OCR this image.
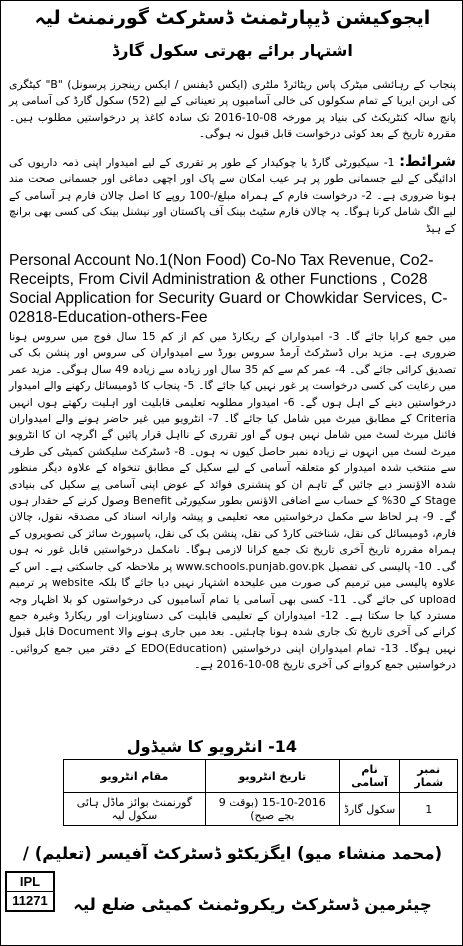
ایجوکیشن ڈیپارٹمنٹ ڈسٹرکٹ گورنمنٹ لیہ
اشتہار برائے بھرتی سکول گارڈ
پنجاب کے رہائشی میٹرک پاس ریٹائرڈ ملٹری (ایکس ڈیفنس / ایکس رینجرز پرسونل) "B" کیٹگری کی اربن ایریا کے تمام سکولوں کی خالی آسامیوں پر تعیناتی کے لیے (52) سکول گارڈ کی آسامی پر پانچ سالہ کنٹریکٹ کی بنیاد پر مورخہ 08-10-2016 تک سادہ کاغذ پر درخواستیں مطلوب ہیں۔ مقررہ تاریخ کے بعد کوئی درخواست قابل قبول نہ ہوگی۔
شرائط: 1- سیکیورٹی گارڈ یا چوکیدار کے طور پر تقرری کے لیے امیدوار اپنی ذمہ داریوں کی ادائیگی کے لیے جسمانی طور پر ہر عیب امکان سے پاک اور اچھی دماغی اور جسمانی صحت مند ہونا ضروری ہے۔ 2- درخواست فارم کے ہمراہ مبلغ/-100 روپے کا اصل چالان فارم ہر آسامی کے لیے الگ شامل کرنا ہوگا۔ یہ چالان فارم سٹیٹ بینک آف پاکستان اور نیشنل بینک کی کسی بھی برانچ کے ہیڈ
Personal Account No.1(Non Food) Co-No Tax Revenue, Co2-Receipts, From Civil Administration & other Functions , Co28 Social Application for Security Guard or Chowkidar Services, C-02818-Education-others-Fee
میں جمع کرایا جائے گا۔ 3- امیدواران کے ریکارڈ میں کم از کم 15 سال فوج میں سروس ہونا ضروری ہے۔ مزید براں ڈسٹرکٹ آرمڈ سروس بورڈ سے امیدواران کی سروس اور پنشن بک کی تصدیق کرائی جائے گی۔ 4- عمر کم سے کم 35 سال اور زیادہ سے زیادہ 49 سال ہوگی۔ مزید عمر میں رعایت کی کسی درخواست پر غور نہیں کیا جائے گا۔ 5- پنجاب کا ڈومیسائل رکھنے والے امیدوار درخواستیں دینے کے اہل ہوں گے۔ 6- امیدوار مطلوبہ تعلیمی قابلیت اور اہلیت رکھتے ہوں انہیں Criteria کے مطابق میرٹ میں شامل کیا جائے گا۔ 7- انٹرویو میں غیر حاضر ہونے والے امیدواران فائنل میرٹ لسٹ میں شامل نہیں ہوں گے اور تقرری کے نااہل قرار پائیں گے اگرچہ ان کا انٹرویو میرٹ لسٹ میں انہوں نے زیادہ نمبر حاصل کیوں نہ ہوں۔ 8- ڈسٹرکٹ سلیکشن کمیٹی کی طرف سے منتخب شدہ امیدوار کو متعلقہ آسامی کے لیے سکیل کے مطابق تنخواہ کے علاوہ دیگر منظور شدہ الاؤنسز دیے جائیں گے تاہم ان کو پنشنری فوائد کے عوض اپنی آسامی پے سکیل کی بنیادی Stage کے 30% کے حساب سے اضافی الاؤنس بطور سکیورٹی Benefit وصول کرنے کے حقدار ہوں گے۔ 9- ہر لحاظ سے مکمل درخواستیں معہ تعلیمی و پیشہ وارانہ اسناد کی مصدقہ نقول، چالان فارم، ڈومیسائل کی نقل، شناختی کارڈ کی نقل، پنشن بک کی نقل، پاسپورٹ سائز کی تصویروں کے ہمراہ مقررہ تاریخ آخری تاریخ تک جمع کرانا لازمی ہوگا۔ نامکمل درخواستیں قابل غور نہ ہوں گی۔ 10- پالیسی کی تفصیل www.schools.punjab.gov.pk پر ملاحظہ کی جاسکتی ہے۔ اس کے علاوہ پالیسی میں ترمیم کی صورت میں علیحدہ اشتہار نہیں دیا جائے گا بلکہ website پر ترمیم upload کی جائے گی۔ 11- کسی بھی آسامی یا تمام آسامیوں کی درخواستوں کو بلا اظہار وجہ مسترد کیا جا سکتا ہے۔ 12- امیدواران کے تعلیمی قابلیت کی دستاویزات اور ریکارڈ وغیرہ جمع کرانے کی آخری تاریخ تک جاری شدہ ہونا چاہئیں۔ بعد میں جاری ہونے والا Document قابل قبول نہیں ہوگا۔ 13- تمام امیدواران اپنی درخواستیں EDO(Education) کے دفتر میں جمع کروائیں۔ درخواستیں جمع کروانے کی آخری تاریخ 08-10-2016 ہے۔
14- انٹرویو کا شیڈول
نمبر شمار	نام آسامی	تاریخ انٹرویو	مقام انٹرویو
1	سکول گارڈ	15-10-2016 (بوقت 9 بجے صبح)	گورنمنٹ بوائز ماڈل ہائی سکول لیہ
(محمد منشاء میو) ایگزیکٹو ڈسٹرکٹ آفیسر (تعلیم) /
چیئرمین ڈسٹرکٹ ریکروٹمنٹ کمیٹی ضلع لیہ
IPL
11271
